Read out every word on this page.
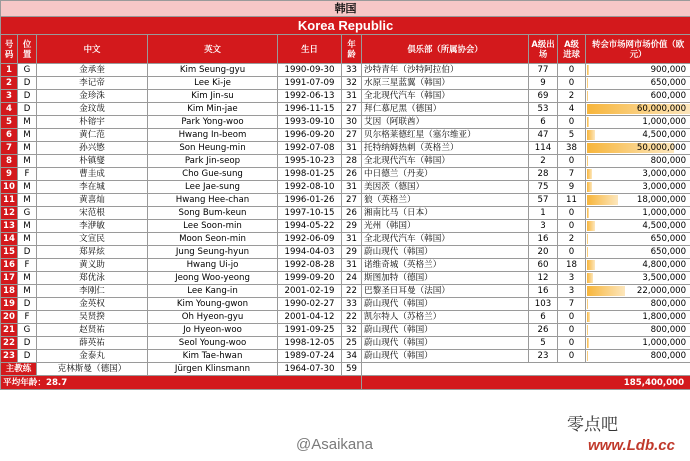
韩国									
Korea Republic									
号码	位置	中文	英文	生日	年龄	俱乐部（所属协会）	A级出场	A级进球	转会市场网市场价值（欧元）
1	G	金承奎	Kim Seung-gyu	1990-09-30	33	沙特青年（沙特阿拉伯）	77	0	900,000
2	D	李记帝	Lee Ki-je	1991-07-09	32	水原三星蓝翼（韩国）	9	0	650,000
3	D	金珍洙	Kim Jin-su	1992-06-13	31	全北现代汽车（韩国）	69	2	600,000
4	D	金玟哉	Kim Min-jae	1996-11-15	27	拜仁慕尼黑（德国）	53	4	60,000,000
5	M	朴镕宇	Park Yong-woo	1993-09-10	30	艾因（阿联酋）	6	0	1,000,000
6	M	黄仁范	Hwang In-beom	1996-09-20	27	贝尔格莱德红星（塞尔维亚）	47	5	4,500,000
7	M	孙兴慜	Son Heung-min	1992-07-08	31	托特纳姆热刺（英格兰）	114	38	50,000,000
8	M	朴镇燮	Park Jin-seop	1995-10-23	28	全北现代汽车（韩国）	2	0	800,000
9	F	曹圭成	Cho Gue-sung	1998-01-25	26	中日德兰（丹麦）	28	7	3,000,000
10	M	李在城	Lee Jae-sung	1992-08-10	31	美因茨（德国）	75	9	3,000,000
11	M	黄喜灿	Hwang Hee-chan	1996-01-26	27	狼（英格兰）	57	11	18,000,000
12	G	宋范根	Song Bum-keun	1997-10-15	26	湘南比马（日本）	1	0	1,000,000
13	M	李洢敏	Lee Soon-min	1994-05-22	29	光州（韩国）	3	0	4,500,000
14	M	文宣民	Moon Seon-min	1992-06-09	31	全北现代汽车（韩国）	16	2	650,000
15	D	郑昇炫	Jung Seung-hyun	1994-04-03	29	蔚山现代（韩国）	20	0	650,000
16	F	黄义助	Hwang Ui-jo	1992-08-28	31	诺维奇城（英格兰）	60	18	4,800,000
17	M	郑优泳	Jeong Woo-yeong	1999-09-20	24	斯图加特（德国）	12	3	3,500,000
18	M	李刚仁	Lee Kang-in	2001-02-19	22	巴黎圣日耳曼（法国）	16	3	22,000,000
19	D	金英权	Kim Young-gwon	1990-02-27	33	蔚山现代（韩国）	103	7	800,000
20	F	吴贤揆	Oh Hyeon-gyu	2001-04-12	22	凯尔特人（苏格兰）	6	0	1,800,000
21	G	赵贤祐	Jo Hyeon-woo	1991-09-25	32	蔚山现代（韩国）	26	0	800,000
22	D	薛英祐	Seol Young-woo	1998-12-05	25	蔚山现代（韩国）	5	0	1,000,000
23	D	金泰丸	Kim Tae-hwan	1989-07-24	34	蔚山现代（韩国）	23	0	800,000
主教练		克林斯曼（德国）	Jürgen Klinsmann	1964-07-30	59				
平均年龄：28.7						185,400,000			
@Asaikana
零点吧
www.Ldb.cc
